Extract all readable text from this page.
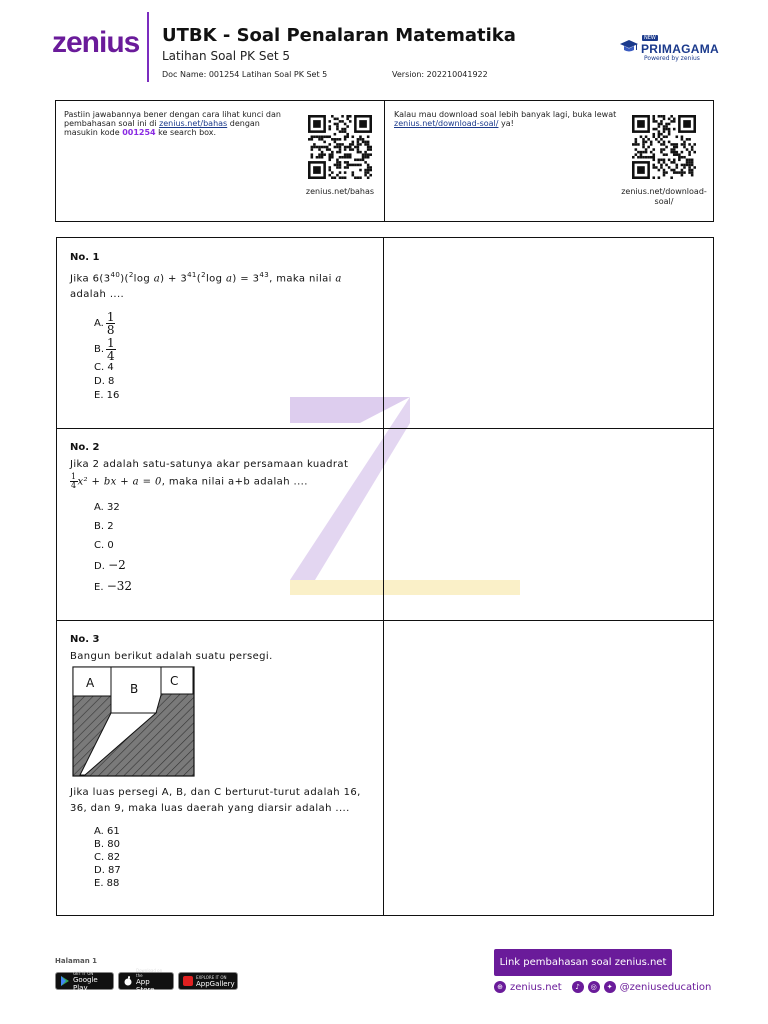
zenius UTBK - Soal Penalaran Matematika
Latihan Soal PK Set 5
Doc Name: 001254 Latihan Soal PK Set 5	Version: 202210041922
NEW
PRIMAGAMA
Powered by zenius
Pastiin jawabannya bener dengan cara lihat kunci dan pembahasan soal ini di zenius.net/bahas dengan masukin kode 001254 ke search box.
zenius.net/bahas
Kalau mau download soal lebih banyak lagi, buka lewat zenius.net/download-soal/ ya!
zenius.net/download-soal/
No. 1
Jika $6(3^{40})(^2\log$ $a) + 3^{41}(^2\log$ $a) = 3^{43}$, maka nilai a
adalah ....
A. $\frac{1}{8}$
B. $\frac{1}{4}$
C. 4
D. 8
E. 16
No. 2
Jika 2 adalah satu-satunya akar persamaan kuadrat

$\frac{1}{4} x^2$ + bx + a = 0, maka nilai a+b adalah ....
A. 32
B. 2
C. 0
D. −2
E. −32
No. 3
Bangun berikut adalah suatu persegi.
A	B
C
Jika luas persegi A, B, dan C berturut-turut adalah 16, 36, dan 9, maka luas daerah yang diarsir adalah ....
A. 61
B. 80
C. 82
D. 87
E. 88
Halaman 1
GET IT ON
Google Play
Download on the
App Store
EXPLORE IT ON
AppGallery
Link pembahasan soal zenius.net
⊕ zenius.net	♪	◎	✦ @zeniuseducation
